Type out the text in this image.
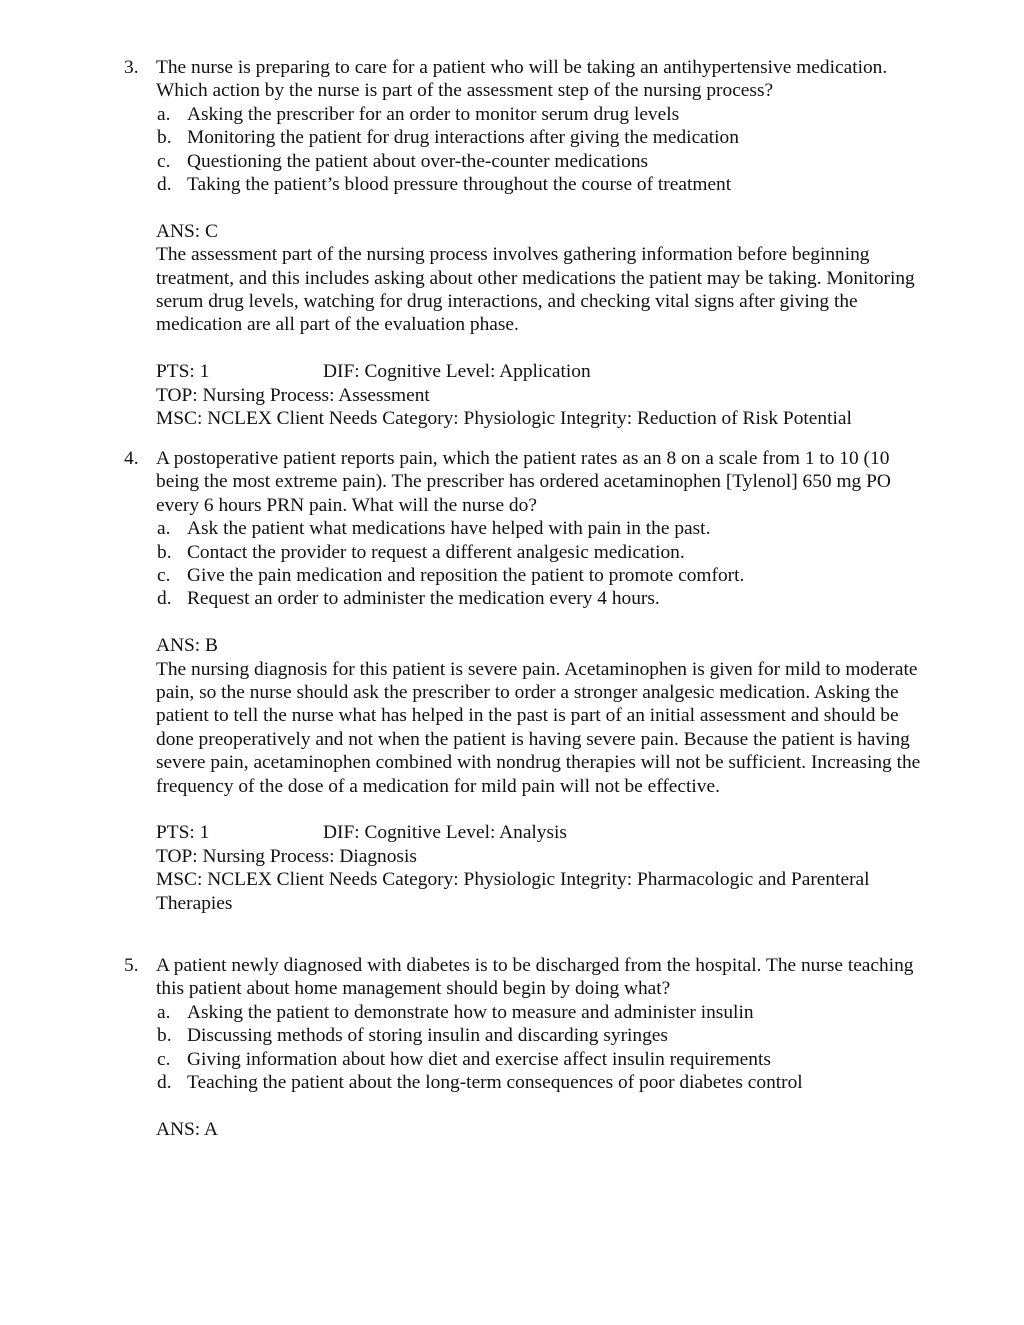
3. The nurse is preparing to care for a patient who will be taking an antihypertensive medication. Which action by the nurse is part of the assessment step of the nursing process?

a. Asking the prescriber for an order to monitor serum drug levels
b. Monitoring the patient for drug interactions after giving the medication
c. Questioning the patient about over-the-counter medications
d. Taking the patient’s blood pressure throughout the course of treatment
ANS: C

The assessment part of the nursing process involves gathering information before beginning treatment, and this includes asking about other medications the patient may be taking. Monitoring serum drug levels, watching for drug interactions, and checking vital signs after giving the medication are all part of the evaluation phase.

PTS: 1	DIF: Cognitive Level: Application
TOP: Nursing Process: Assessment
MSC: NCLEX Client Needs Category: Physiologic Integrity: Reduction of Risk Potential
4. A postoperative patient reports pain, which the patient rates as an 8 on a scale from 1 to 10 (10 being the most extreme pain). The prescriber has ordered acetaminophen [Tylenol] 650 mg PO every 6 hours PRN pain. What will the nurse do?

a. Ask the patient what medications have helped with pain in the past.
b. Contact the provider to request a different analgesic medication.
c. Give the pain medication and reposition the patient to promote comfort.
d. Request an order to administer the medication every 4 hours.
ANS: B

The nursing diagnosis for this patient is severe pain. Acetaminophen is given for mild to moderate pain, so the nurse should ask the prescriber to order a stronger analgesic medication. Asking the patient to tell the nurse what has helped in the past is part of an initial assessment and should be done preoperatively and not when the patient is having severe pain. Because the patient is having severe pain, acetaminophen combined with nondrug therapies will not be sufficient. Increasing the frequency of the dose of a medication for mild pain will not be effective.

PTS: 1	DIF: Cognitive Level: Analysis
TOP: Nursing Process: Diagnosis
MSC: NCLEX Client Needs Category: Physiologic Integrity: Pharmacologic and Parenteral Therapies
5. A patient newly diagnosed with diabetes is to be discharged from the hospital. The nurse teaching this patient about home management should begin by doing what?

a. Asking the patient to demonstrate how to measure and administer insulin
b. Discussing methods of storing insulin and discarding syringes
c. Giving information about how diet and exercise affect insulin requirements
d. Teaching the patient about the long-term consequences of poor diabetes control
ANS: A
